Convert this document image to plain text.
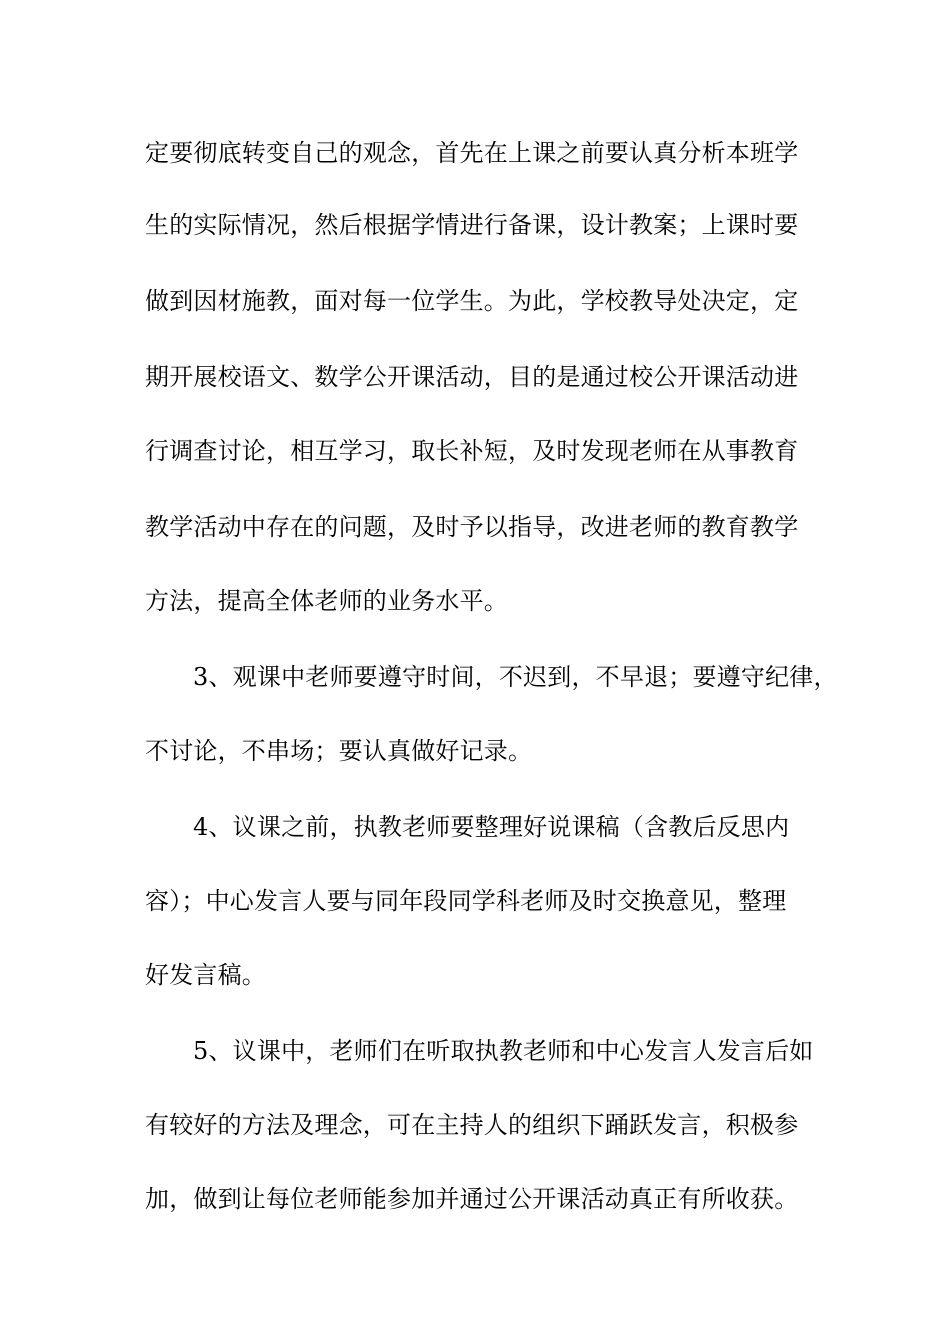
定要彻底转变自己的观念，首先在上课之前要认真分析本班学
生的实际情况，然后根据学情进行备课，设计教案；上课时要
做到因材施教，面对每一位学生。为此，学校教导处决定，定
期开展校语文、数学公开课活动，目的是通过校公开课活动进
行调查讨论，相互学习，取长补短，及时发现老师在从事教育
教学活动中存在的问题，及时予以指导，改进老师的教育教学
方法，提高全体老师的业务水平。
3、观课中老师要遵守时间，不迟到，不早退；要遵守纪律，
不讨论，不串场；要认真做好记录。
4、议课之前，执教老师要整理好说课稿（含教后反思内
容）；中心发言人要与同年段同学科老师及时交换意见，整理
好发言稿。
5、议课中，老师们在听取执教老师和中心发言人发言后如
有较好的方法及理念，可在主持人的组织下踊跃发言，积极参
加，做到让每位老师能参加并通过公开课活动真正有所收获。
